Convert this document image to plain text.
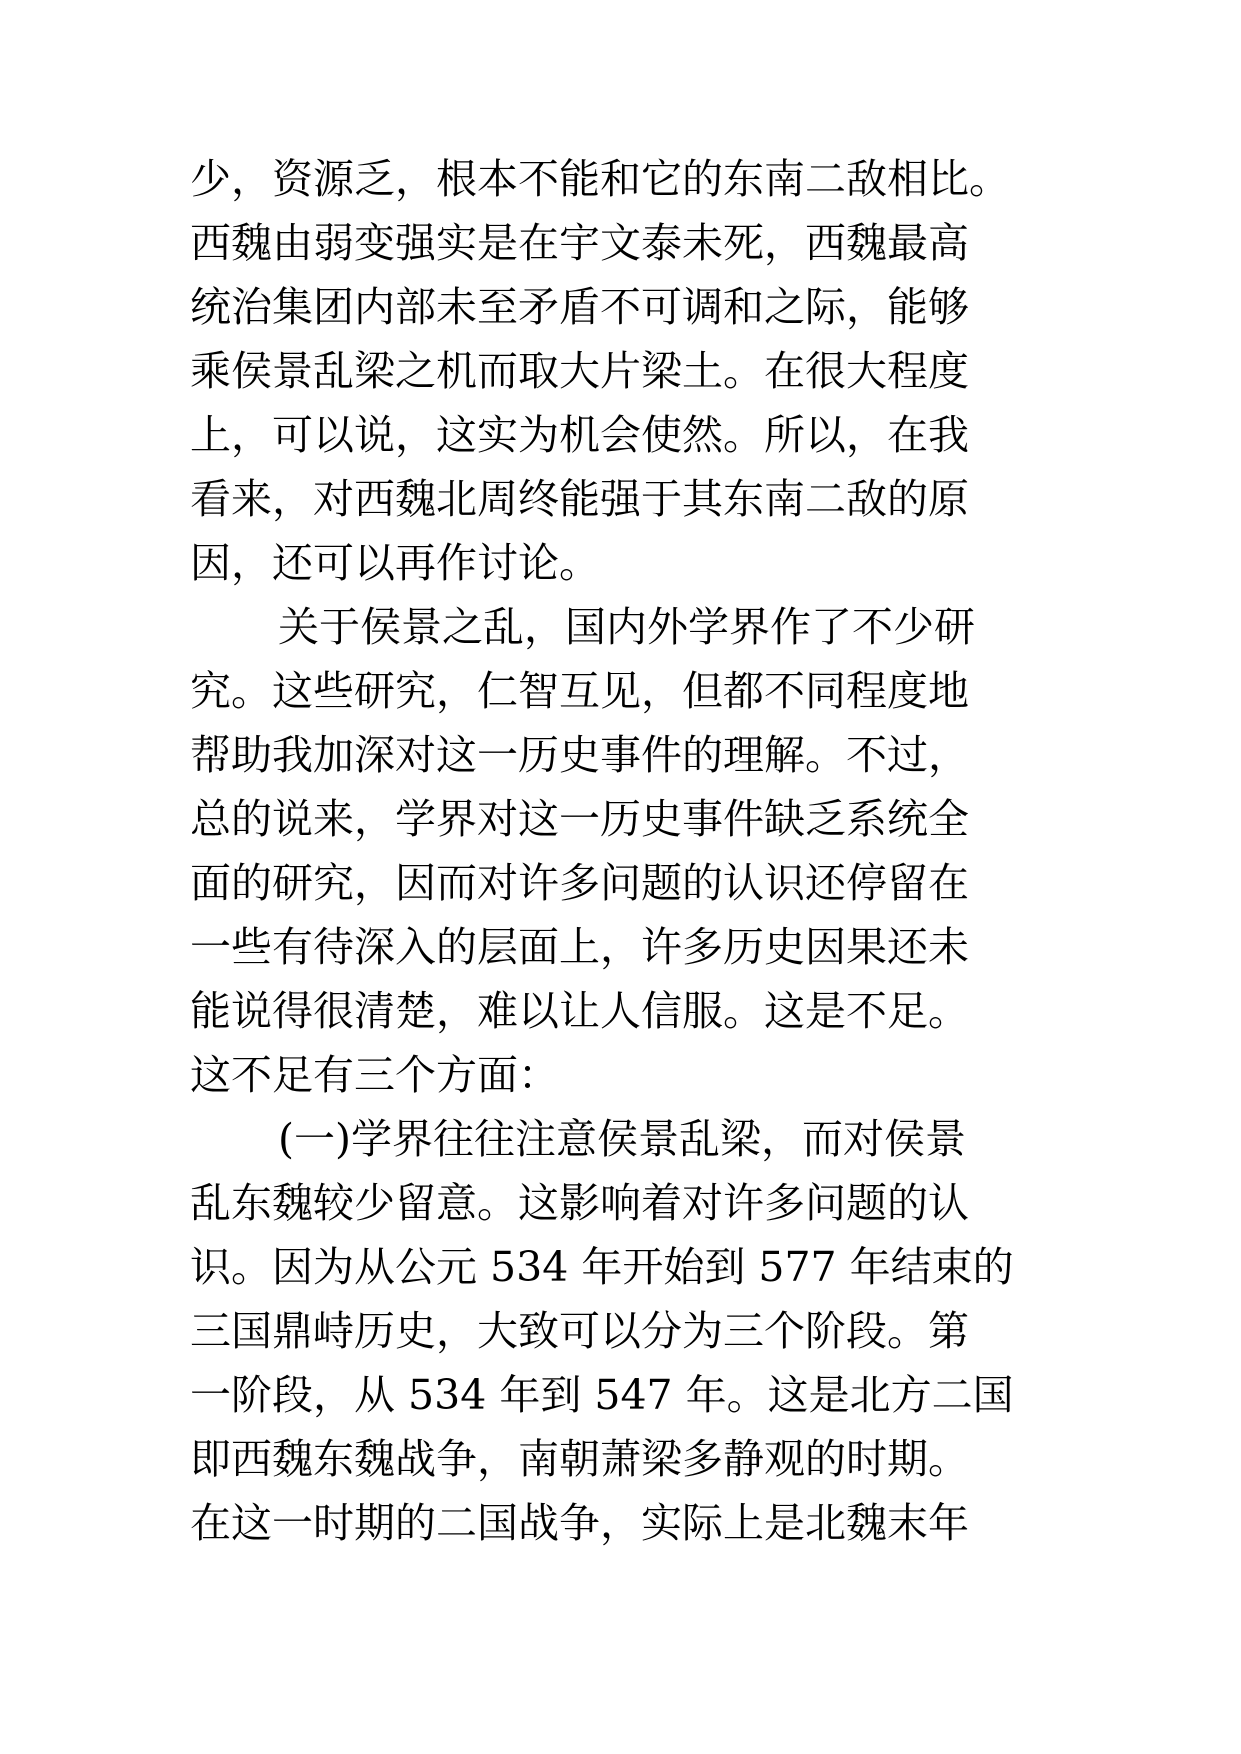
少，资源乏，根本不能和它的东南二敌相比。
西魏由弱变强实是在宇文泰未死，西魏最高
统治集团内部未至矛盾不可调和之际，能够
乘侯景乱梁之机而取大片梁土。在很大程度
上，可以说，这实为机会使然。所以，在我
看来，对西魏北周终能强于其东南二敌的原
因，还可以再作讨论。
关于侯景之乱，国内外学界作了不少研
究。这些研究，仁智互见，但都不同程度地
帮助我加深对这一历史事件的理解。不过，
总的说来，学界对这一历史事件缺乏系统全
面的研究，因而对许多问题的认识还停留在
一些有待深入的层面上，许多历史因果还未
能说得很清楚，难以让人信服。这是不足。
这不足有三个方面：
(一)学界往往注意侯景乱梁，而对侯景
乱东魏较少留意。这影响着对许多问题的认
识。因为从公元 534 年开始到 577 年结束的
三国鼎峙历史，大致可以分为三个阶段。第
一阶段，从 534 年到 547 年。这是北方二国
即西魏东魏战争，南朝萧梁多静观的时期。
在这一时期的二国战争，实际上是北魏末年
